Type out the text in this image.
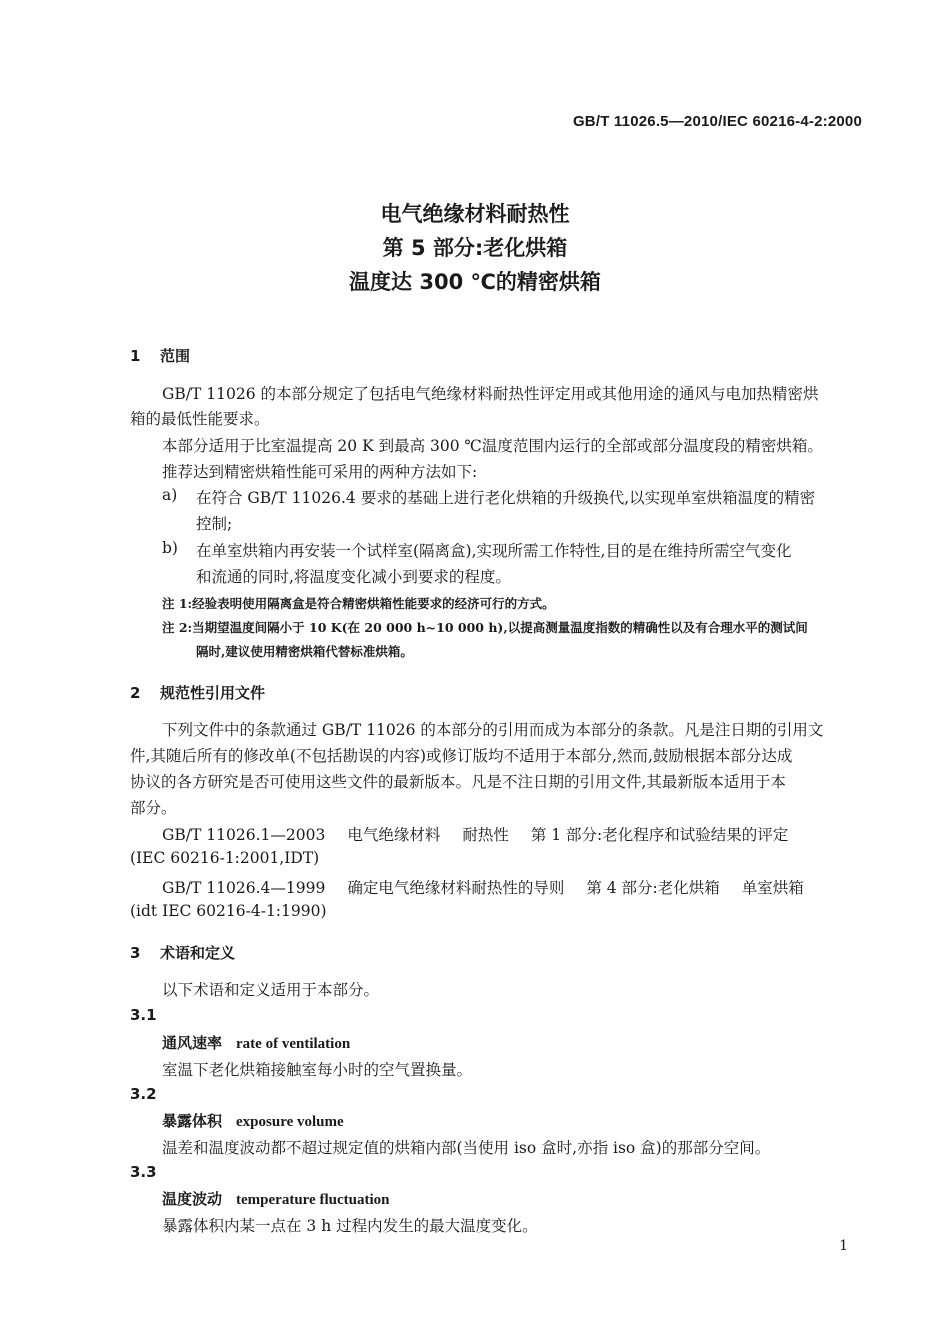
GB/T 11026.5—2010/IEC 60216-4-2:2000
电气绝缘材料耐热性
第 5 部分:老化烘箱
温度达 300 ℃的精密烘箱
1 范围
GB/T 11026 的本部分规定了包括电气绝缘材料耐热性评定用或其他用途的通风与电加热精密烘
箱的最低性能要求。
本部分适用于比室温提高 20 K 到最高 300 ℃温度范围内运行的全部或部分温度段的精密烘箱。
推荐达到精密烘箱性能可采用的两种方法如下:
a) 在符合 GB/T 11026.4 要求的基础上进行老化烘箱的升级换代,以实现单室烘箱温度的精密
控制;
b) 在单室烘箱内再安装一个试样室(隔离盒),实现所需工作特性,目的是在维持所需空气变化
和流通的同时,将温度变化减小到要求的程度。
注 1:经验表明使用隔离盒是符合精密烘箱性能要求的经济可行的方式。
注 2:当期望温度间隔小于 10 K(在 20 000 h~10 000 h),以提高测量温度指数的精确性以及有合理水平的测试间
隔时,建议使用精密烘箱代替标准烘箱。
2 规范性引用文件
下列文件中的条款通过 GB/T 11026 的本部分的引用而成为本部分的条款。凡是注日期的引用文
件,其随后所有的修改单(不包括勘误的内容)或修订版均不适用于本部分,然而,鼓励根据本部分达成
协议的各方研究是否可使用这些文件的最新版本。凡是不注日期的引用文件,其最新版本适用于本
部分。
GB/T 11026.1—2003 电气绝缘材料 耐热性 第 1 部分:老化程序和试验结果的评定
(IEC 60216-1:2001,IDT)
GB/T 11026.4—1999 确定电气绝缘材料耐热性的导则 第 4 部分:老化烘箱 单室烘箱
(idt IEC 60216-4-1:1990)
3 术语和定义
以下术语和定义适用于本部分。
3.1
通风速率 rate of ventilation
室温下老化烘箱接触室每小时的空气置换量。
3.2
暴露体积 exposure volume
温差和温度波动都不超过规定值的烘箱内部(当使用 iso 盒时,亦指 iso 盒)的那部分空间。
3.3
温度波动 temperature fluctuation
暴露体积内某一点在 3 h 过程内发生的最大温度变化。
1
